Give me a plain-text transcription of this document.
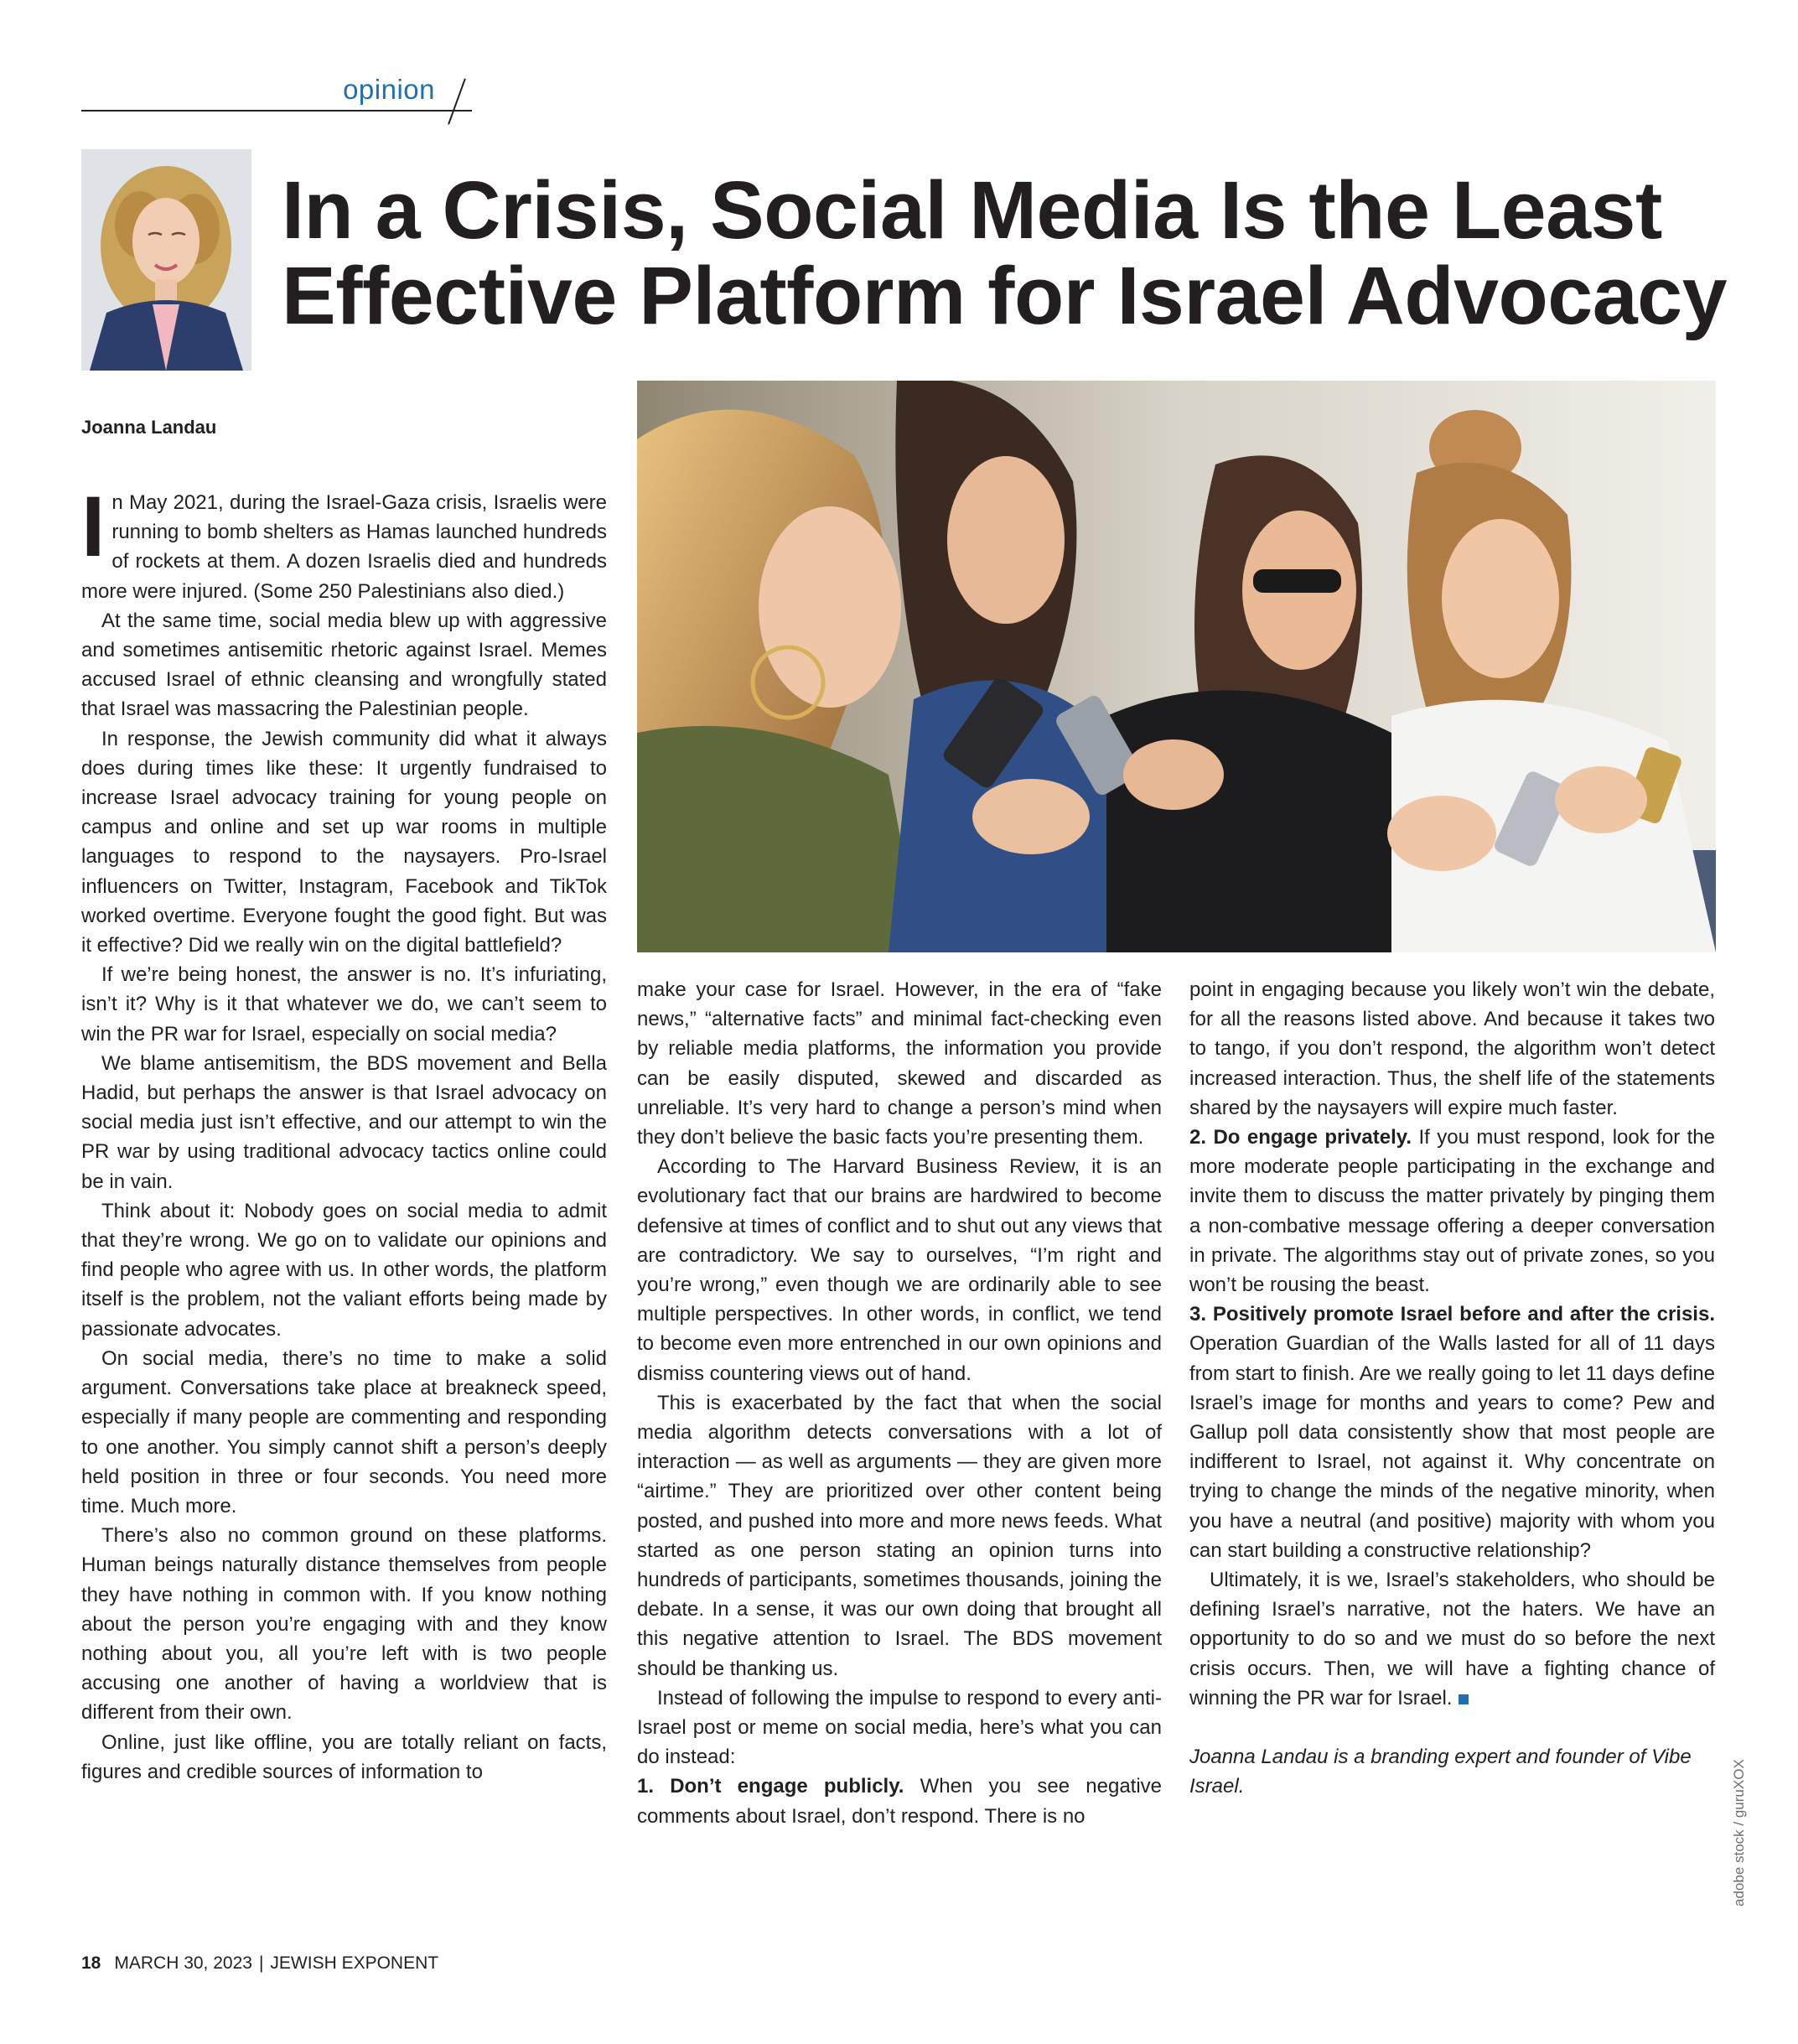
opinion
In a Crisis, Social Media Is the Least
Effective Platform for Israel Advocacy
Joanna Landau

In May 2021, during the Israel-Gaza crisis, Israelis were running to bomb shelters as Hamas launched hundreds of rockets at them. A dozen Israelis died and hundreds more were injured. (Some 250 Palestinians also died.)

At the same time, social media blew up with aggressive and sometimes antisemitic rhetoric against Israel. Memes accused Israel of ethnic cleansing and wrongfully stated that Israel was massacring the Palestinian people.

In response, the Jewish community did what it always does during times like these: It urgently fundraised to increase Israel advocacy training for young people on campus and online and set up war rooms in multiple languages to respond to the naysayers. Pro-Israel influencers on Twitter, Instagram, Facebook and TikTok worked overtime. Everyone fought the good fight. But was it effective? Did we really win on the digital battlefield?

If we’re being honest, the answer is no. It’s infuriating, isn’t it? Why is it that whatever we do, we can’t seem to win the PR war for Israel, especially on social media?

We blame antisemitism, the BDS movement and Bella Hadid, but perhaps the answer is that Israel advocacy on social media just isn’t effective, and our attempt to win the PR war by using traditional advocacy tactics online could be in vain.

Think about it: Nobody goes on social media to admit that they’re wrong. We go on to validate our opinions and find people who agree with us. In other words, the platform itself is the problem, not the valiant efforts being made by passionate advocates.

On social media, there’s no time to make a solid argument. Conversations take place at breakneck speed, especially if many people are commenting and responding to one another. You simply cannot shift a person’s deeply held position in three or four seconds. You need more time. Much more.

There’s also no common ground on these platforms. Human beings naturally distance themselves from people they have nothing in common with. If you know nothing about the person you’re engaging with and they know nothing about you, all you’re left with is two people accusing one another of having a worldview that is different from their own.

Online, just like offline, you are totally reliant on facts, figures and credible sources of information to

make your case for Israel. However, in the era of “fake news,” “alternative facts” and minimal fact-checking even by reliable media platforms, the information you provide can be easily disputed, skewed and discarded as unreliable. It’s very hard to change a person’s mind when they don’t believe the basic facts you’re presenting them.

According to The Harvard Business Review, it is an evolutionary fact that our brains are hardwired to become defensive at times of conflict and to shut out any views that are contradictory. We say to ourselves, “I’m right and you’re wrong,” even though we are ordinarily able to see multiple perspectives. In other words, in conflict, we tend to become even more entrenched in our own opinions and dismiss countering views out of hand.

This is exacerbated by the fact that when the social media algorithm detects conversations with a lot of interaction — as well as arguments — they are given more “airtime.” They are prioritized over other content being posted, and pushed into more and more news feeds. What started as one person stating an opinion turns into hundreds of participants, sometimes thousands, joining the debate. In a sense, it was our own doing that brought all this negative attention to Israel. The BDS movement should be thanking us.

Instead of following the impulse to respond to every anti-Israel post or meme on social media, here’s what you can do instead:

1. Don’t engage publicly. When you see negative comments about Israel, don’t respond. There is no

point in engaging because you likely won’t win the debate, for all the reasons listed above. And because it takes two to tango, if you don’t respond, the algorithm won’t detect increased interaction. Thus, the shelf life of the statements shared by the naysayers will expire much faster.

2. Do engage privately. If you must respond, look for the more moderate people participating in the exchange and invite them to discuss the matter privately by pinging them a non-combative message offering a deeper conversation in private. The algorithms stay out of private zones, so you won’t be rousing the beast.

3. Positively promote Israel before and after the crisis. Operation Guardian of the Walls lasted for all of 11 days from start to finish. Are we really going to let 11 days define Israel’s image for months and years to come? Pew and Gallup poll data consistently show that most people are indifferent to Israel, not against it. Why concentrate on trying to change the minds of the negative minority, when you have a neutral (and positive) majority with whom you can start building a constructive relationship?

Ultimately, it is we, Israel’s stakeholders, who should be defining Israel’s narrative, not the haters. We have an opportunity to do so and we must do so before the next crisis occurs. Then, we will have a fighting chance of winning the PR war for Israel.

Joanna Landau is a branding expert and founder of Vibe Israel.	adobe stock / guruXOX
18 MARCH 30, 2023 | JEWISH EXPONENT
